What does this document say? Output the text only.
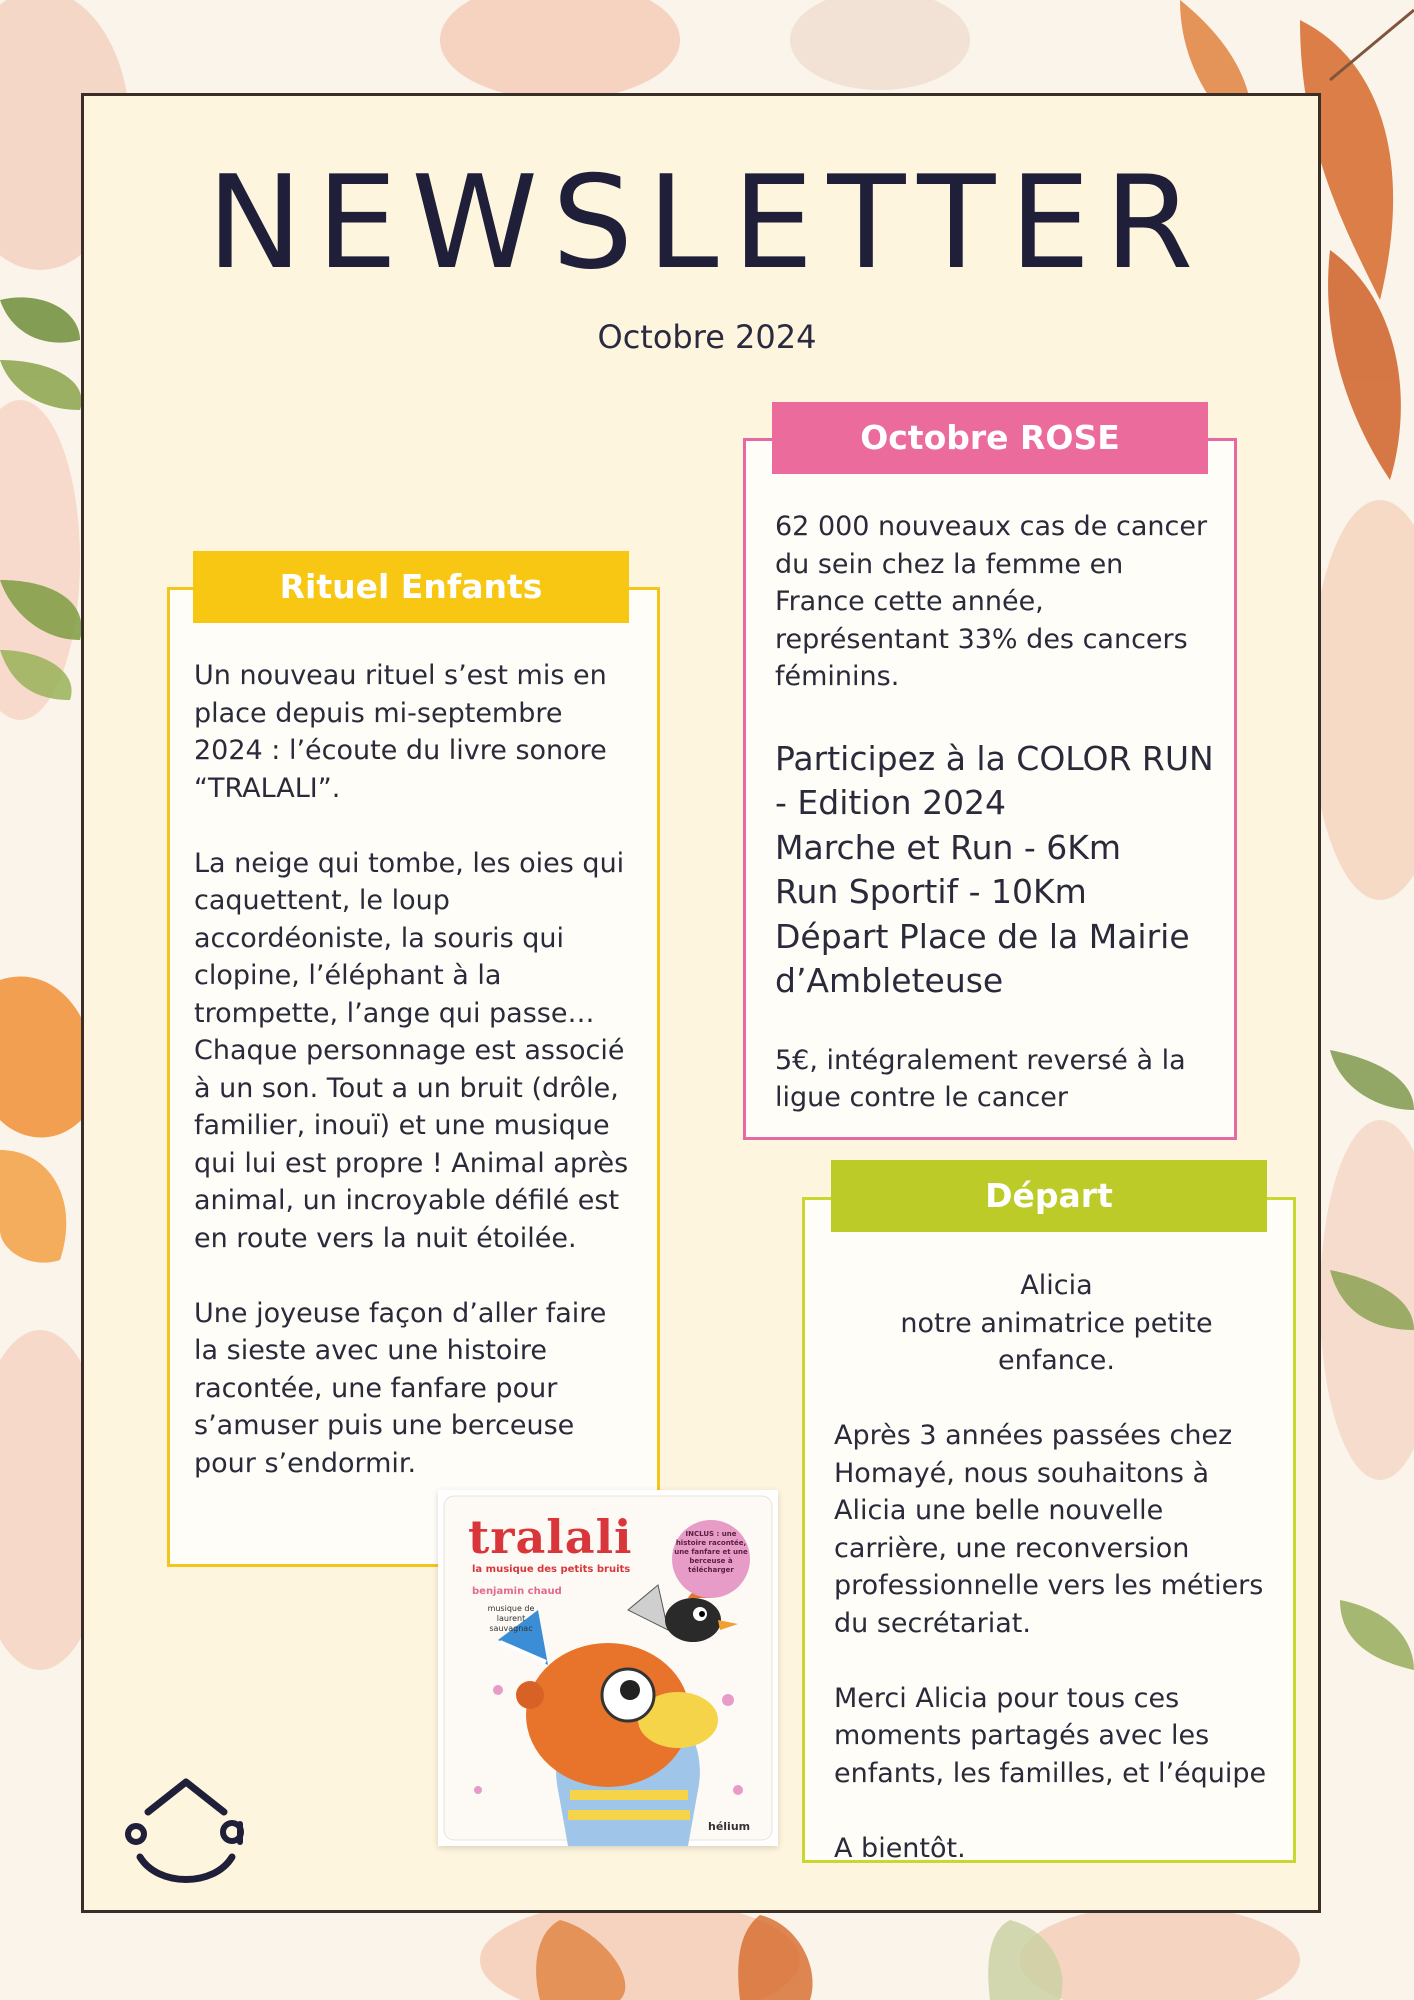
NEWSLETTER
Octobre 2024
Rituel Enfants

Un nouveau rituel s’est mis en place depuis mi-septembre 2024 : l’écoute du livre sonore “TRALALI”.

La neige qui tombe, les oies qui caquettent, le loup accordéoniste, la souris qui clopine, l’éléphant à la trompette, l’ange qui passe… Chaque personnage est associé à un son. Tout a un bruit (drôle, familier, inouï) et une musique qui lui est propre ! Animal après animal, un incroyable défilé est en route vers la nuit étoilée.

Une joyeuse façon d’aller faire la sieste avec une histoire racontée, une fanfare pour s’amuser puis une berceuse pour s’endormir.

Octobre ROSE

62 000 nouveaux cas de cancer du sein chez la femme en France cette année, représentant 33% des cancers féminins.

Participez à la COLOR RUN - Edition 2024

Marche et Run - 6Km

Run Sportif - 10Km

Départ Place de la Mairie d’Ambleteuse

5€, intégralement reversé à la ligue contre le cancer

Départ

Alicia

notre animatrice petite enfance.

Après 3 années passées chez Homayé, nous souhaitons à Alicia une belle nouvelle carrière, une reconversion professionnelle vers les métiers du secrétariat.

Merci Alicia pour tous ces moments partagés avec les enfants, les familles, et l’équipe

A bientôt.

tralali
la musique des petits bruits
benjamin chaud
musique de laurent sauvagnac
INCLUS : une histoire racontée, une fanfare et une berceuse à télécharger
hélium
